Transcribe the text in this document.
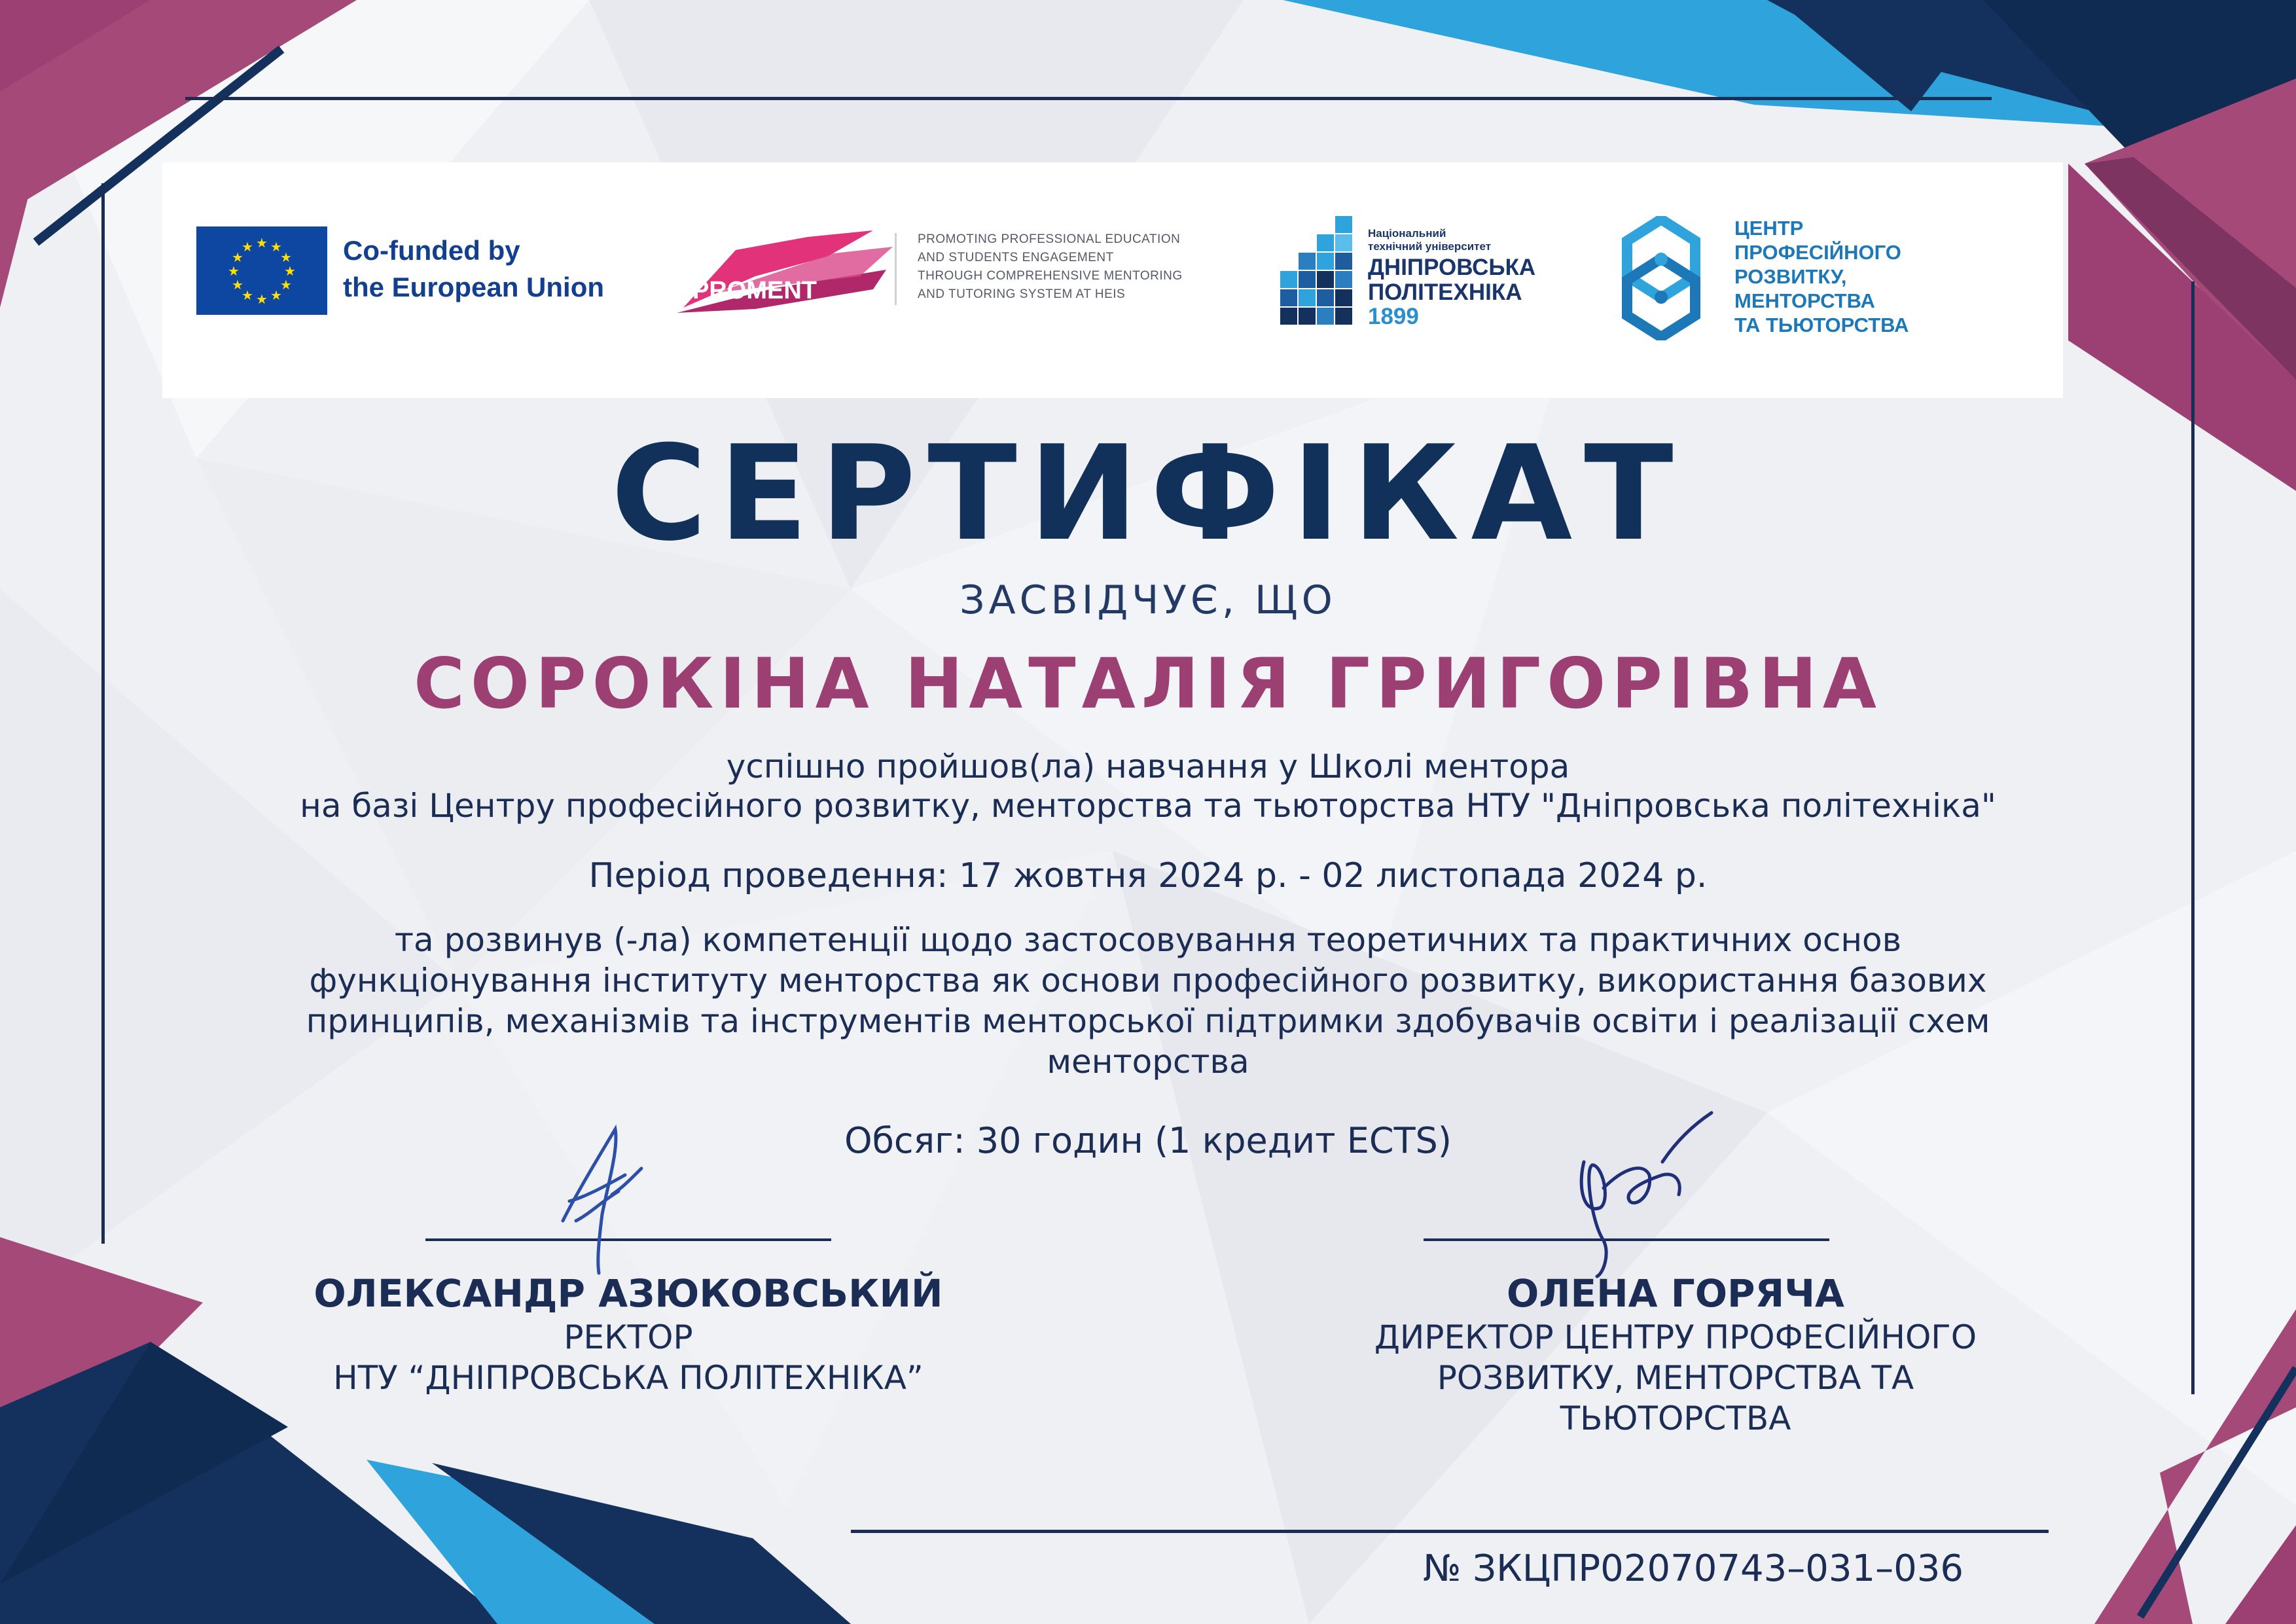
★ ★
★
★
★
★
★
★
★
★
★
★	Co-funded by
the European Union	PROMENT
PROMOTING PROFESSIONAL EDUCATION
AND STUDENTS ENGAGEMENT
THROUGH COMPREHENSIVE MENTORING
AND TUTORING SYSTEM AT HEIS
Національний
технічний університет
ДНІПРОВСЬКА
ПОЛІТЕХНІКА
1899
ЦЕНТР
ПРОФЕСІЙНОГО
РОЗВИТКУ,
МЕНТОРСТВА
ТА ТЬЮТОРСТВА
СЕРТИФІКАТ
ЗАСВІДЧУЄ, ЩО
СОРОКІНА НАТАЛІЯ ГРИГОРІВНА
успішно пройшов(ла) навчання у Школі ментора
на базі Центру професійного розвитку, менторства та тьюторства НТУ "Дніпровська політехніка"
Період проведення: 17 жовтня 2024 р. - 02 листопада 2024 р.
та розвинув (-ла) компетенції щодо застосовування теоретичних та практичних основ
функціонування інституту менторства як основи професійного розвитку, використання базових
принципів, механізмів та інструментів менторської підтримки здобувачів освіти і реалізації схем
менторства
Обсяг: 30 годин (1 кредит ECTS)
ОЛЕКСАНДР АЗЮКОВСЬКИЙ
РЕКТОР
НТУ “ДНІПРОВСЬКА ПОЛІТЕХНІКА”
ОЛЕНА ГОРЯЧА
ДИРЕКТОР ЦЕНТРУ ПРОФЕСІЙНОГО
РОЗВИТКУ, МЕНТОРСТВА ТА
ТЬЮТОРСТВА
№ ЗКЦПР02070743–031–036
